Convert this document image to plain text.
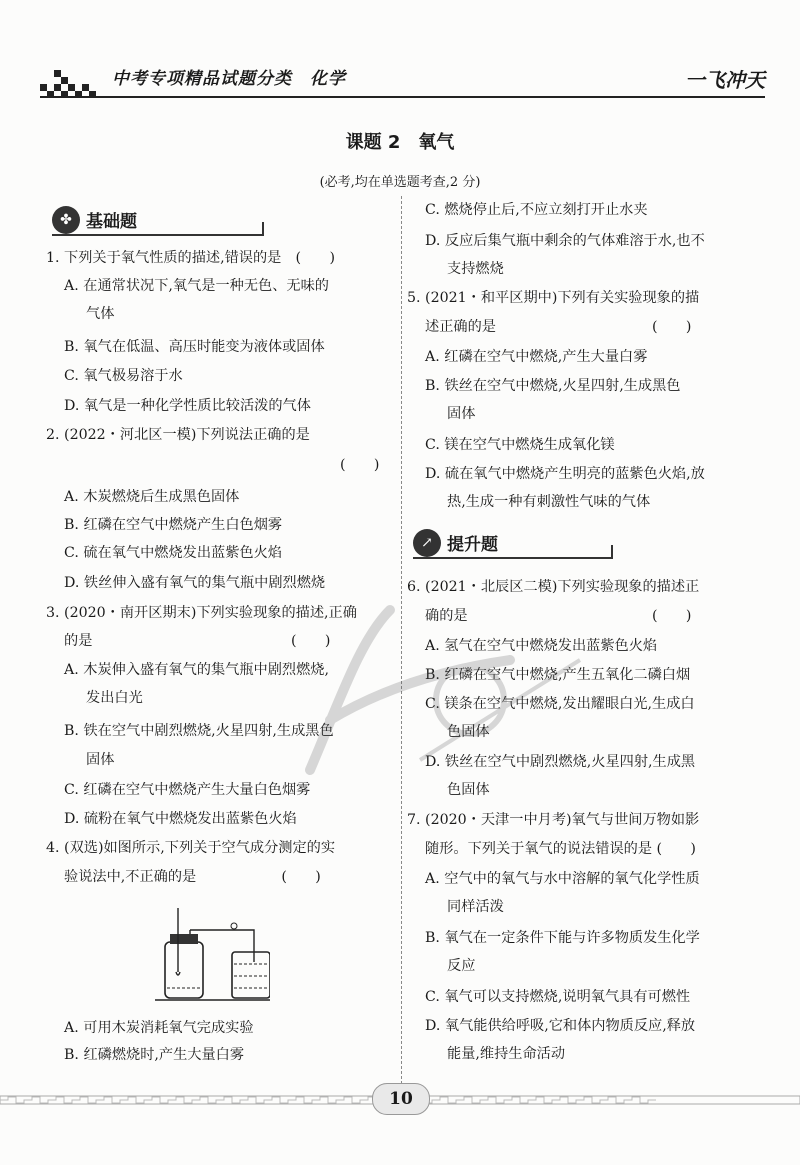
中考专项精品试题分类　化学	一飞冲天
课题 2　氧气
(必考,均在单选题考查,2 分)
✤ 基础题
1. 下列关于氧气性质的描述,错误的是　(　　)
A. 在通常状况下,氧气是一种无色、无味的
气体
B. 氧气在低温、高压时能变为液体或固体
C. 氧气极易溶于水
D. 氧气是一种化学性质比较活泼的气体
2. (2022・河北区一模)下列说法正确的是
(　　)
A. 木炭燃烧后生成黑色固体
B. 红磷在空气中燃烧产生白色烟雾
C. 硫在氧气中燃烧发出蓝紫色火焰
D. 铁丝伸入盛有氧气的集气瓶中剧烈燃烧
3. (2020・南开区期末)下列实验现象的描述,正确
的是　　　　　　　　　　　　　　(　　)
A. 木炭伸入盛有氧气的集气瓶中剧烈燃烧,
发出白光
B. 铁在空气中剧烈燃烧,火星四射,生成黑色
固体
C. 红磷在空气中燃烧产生大量白色烟雾
D. 硫粉在氧气中燃烧发出蓝紫色火焰
4. (双选)如图所示,下列关于空气成分测定的实
验说法中,不正确的是　　　　　　(　　)
A. 可用木炭消耗氧气完成实验
B. 红磷燃烧时,产生大量白雾
C. 燃烧停止后,不应立刻打开止水夹
D. 反应后集气瓶中剩余的气体难溶于水,也不
支持燃烧
5. (2021・和平区期中)下列有关实验现象的描
述正确的是　　　　　　　　　　　(　　)
A. 红磷在空气中燃烧,产生大量白雾
B. 铁丝在空气中燃烧,火星四射,生成黑色
固体
C. 镁在空气中燃烧生成氧化镁
D. 硫在氧气中燃烧产生明亮的蓝紫色火焰,放
热,生成一种有刺激性气味的气体
↗ 提升题
6. (2021・北辰区二模)下列实验现象的描述正
确的是　　　　　　　　　　　　　(　　)
A. 氢气在空气中燃烧发出蓝紫色火焰
B. 红磷在空气中燃烧,产生五氧化二磷白烟
C. 镁条在空气中燃烧,发出耀眼白光,生成白
色固体
D. 铁丝在空气中剧烈燃烧,火星四射,生成黑
色固体
7. (2020・天津一中月考)氧气与世间万物如影
随形。下列关于氧气的说法错误的是 (　　)
A. 空气中的氧气与水中溶解的氧气化学性质
同样活泼
B. 氧气在一定条件下能与许多物质发生化学
反应
C. 氧气可以支持燃烧,说明氧气具有可燃性
D. 氧气能供给呼吸,它和体内物质反应,释放
能量,维持生命活动
10
